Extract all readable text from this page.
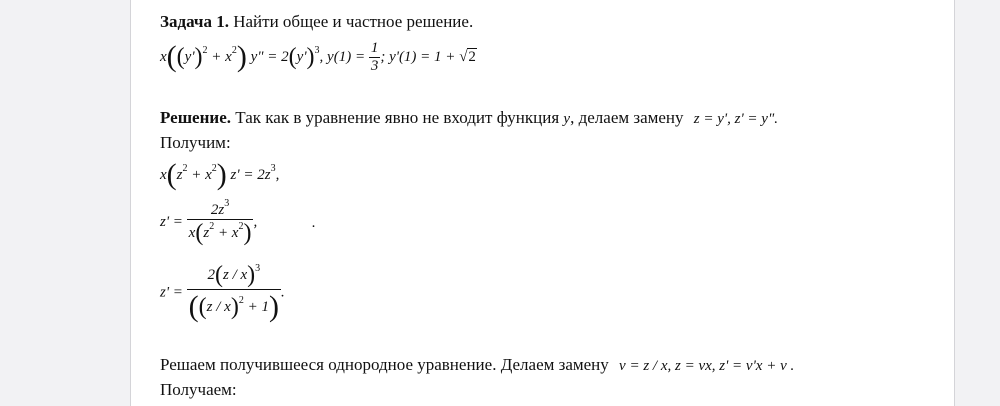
Задача 1. Найти общее и частное решение.
$x((y')^2 + x^2) y$" = $2(y')^3$, $y(1) = \frac{1}{3}$ ; y'(1) = 1 + √2
Решение. Так как в уравнение явно не входит функция y, делаем замену z = y', z' = y".
Получим:
$x(z^2 + x^2) z' = 2z^3$,
$z' = \frac{2z^3}{x(z^2 + x^2)}$ ,	.
$z' = \frac{2(z / x)^3}{((z / x)^2 + 1)}$ .
Решаем получившееся однородное уравнение. Делаем замену v = z / x, z = vx, z' = v'x + v .
Получаем:
